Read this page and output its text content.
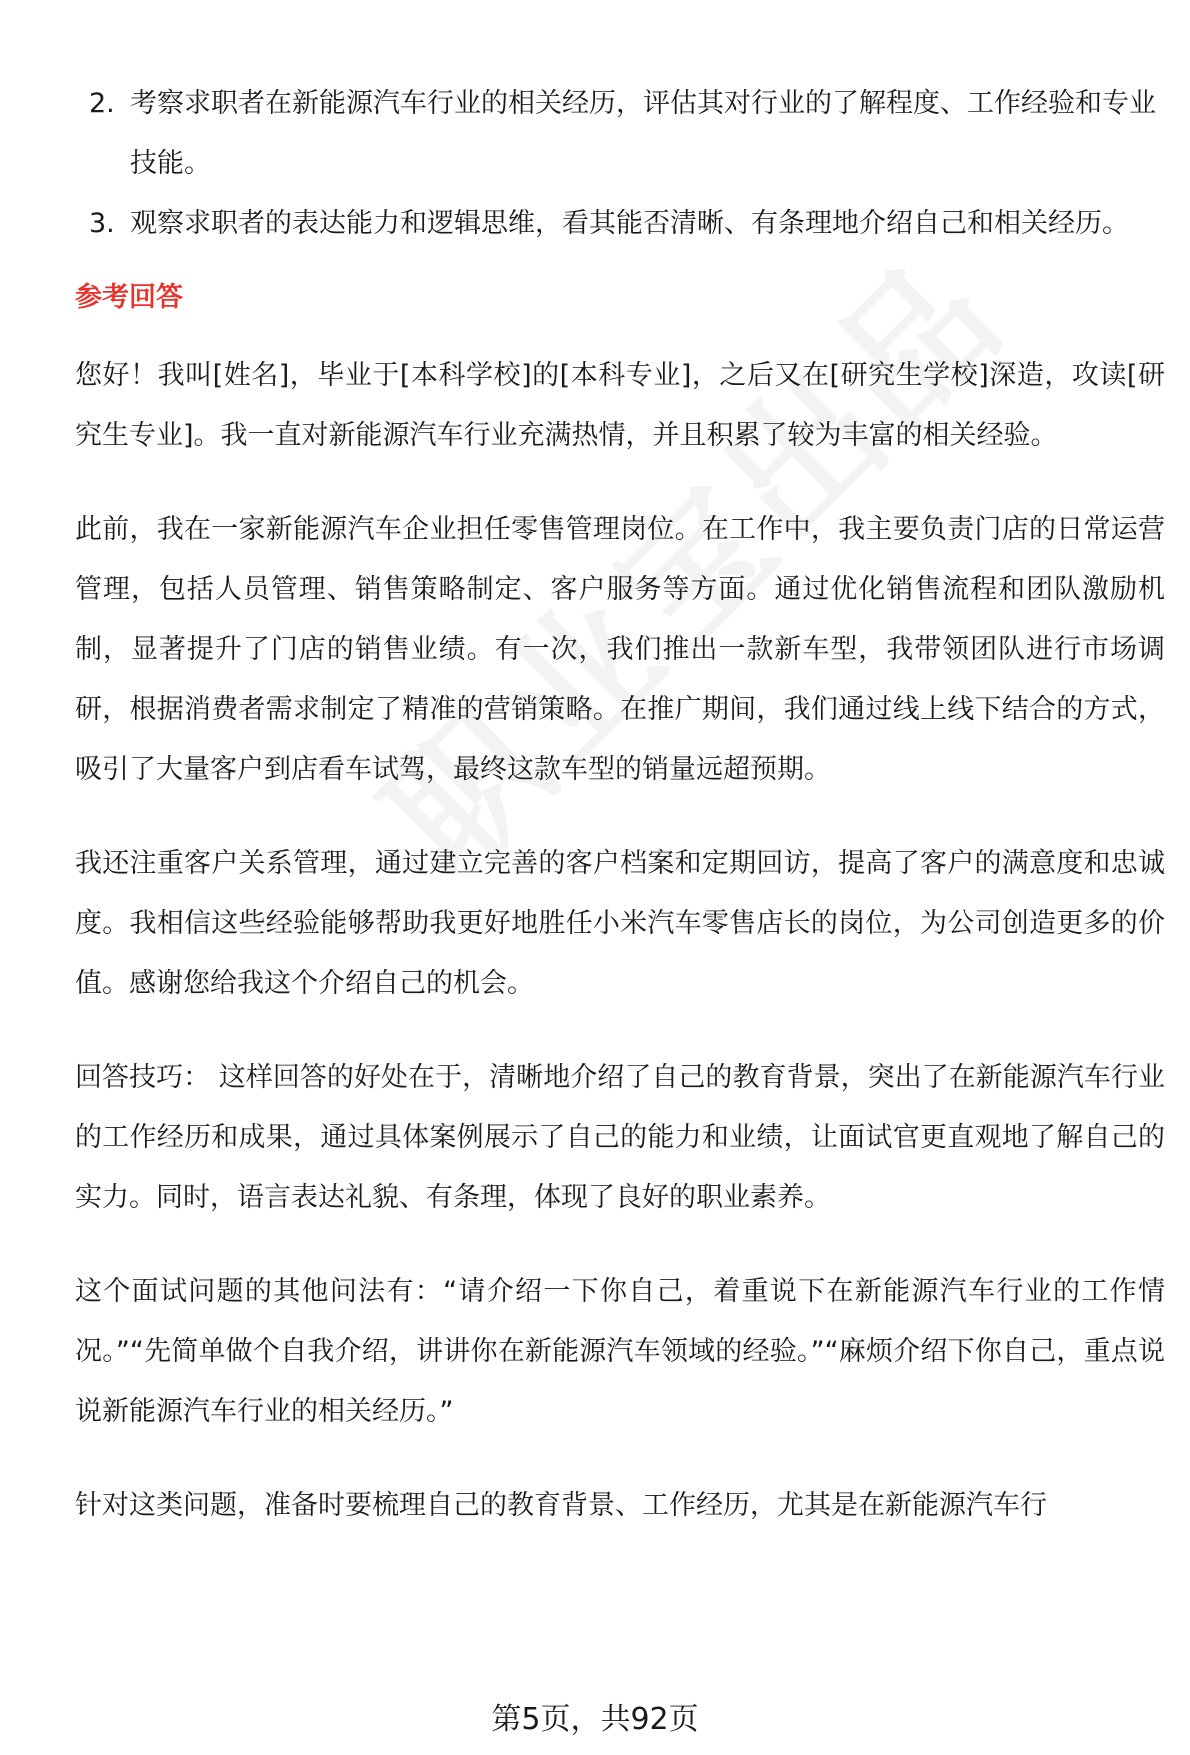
2. 考察求职者在新能源汽车行业的相关经历，评估其对行业的了解程度、工作经验和专业技能。
3. 观察求职者的表达能力和逻辑思维，看其能否清晰、有条理地介绍自己和相关经历。
参考回答

您好！我叫[姓名]，毕业于[本科学校]的[本科专业]，之后又在[研究生学校]深造，攻读[研究生专业]。我一直对新能源汽车行业充满热情，并且积累了较为丰富的相关经验。

此前，我在一家新能源汽车企业担任零售管理岗位。在工作中，我主要负责门店的日常运营管理，包括人员管理、销售策略制定、客户服务等方面。通过优化销售流程和团队激励机制，显著提升了门店的销售业绩。有一次，我们推出一款新车型，我带领团队进行市场调研，根据消费者需求制定了精准的营销策略。在推广期间，我们通过线上线下结合的方式，吸引了大量客户到店看车试驾，最终这款车型的销量远超预期。

我还注重客户关系管理，通过建立完善的客户档案和定期回访，提高了客户的满意度和忠诚度。我相信这些经验能够帮助我更好地胜任小米汽车零售店长的岗位，为公司创造更多的价值。感谢您给我这个介绍自己的机会。

回答技巧： 这样回答的好处在于，清晰地介绍了自己的教育背景，突出了在新能源汽车行业的工作经历和成果，通过具体案例展示了自己的能力和业绩，让面试官更直观地了解自己的实力。同时，语言表达礼貌、有条理，体现了良好的职业素养。

这个面试问题的其他问法有：“请介绍一下你自己，着重说下在新能源汽车行业的工作情况。”“先简单做个自我介绍，讲讲你在新能源汽车领域的经验。”“麻烦介绍下你自己，重点说说新能源汽车行业的相关经历。”

针对这类问题，准备时要梳理自己的教育背景、工作经历，尤其是在新能源汽车行

第5页，共92页
